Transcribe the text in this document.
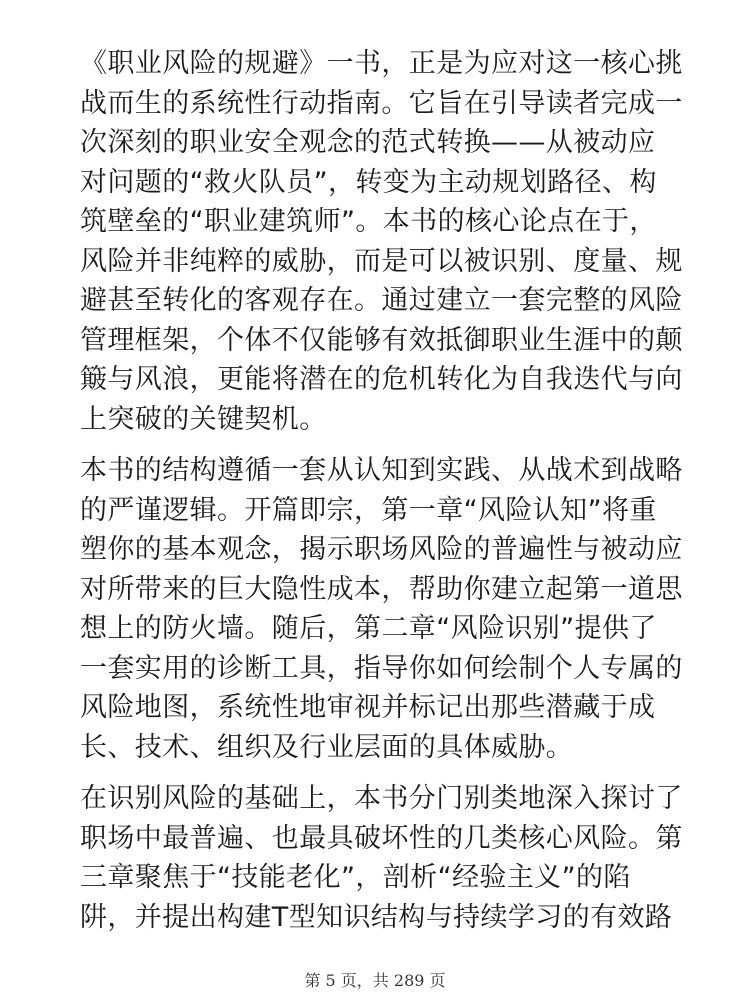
《职业风险的规避》一书，正是为应对这一核心挑
战而生的系统性行动指南。它旨在引导读者完成一
次深刻的职业安全观念的范式转换——从被动应
对问题的“救火队员”，转变为主动规划路径、构
筑壁垒的“职业建筑师”。本书的核心论点在于，
风险并非纯粹的威胁，而是可以被识别、度量、规
避甚至转化的客观存在。通过建立一套完整的风险
管理框架，个体不仅能够有效抵御职业生涯中的颠
簸与风浪，更能将潜在的危机转化为自我迭代与向
上突破的关键契机。
本书的结构遵循一套从认知到实践、从战术到战略
的严谨逻辑。开篇即宗，第一章“风险认知”将重
塑你的基本观念，揭示职场风险的普遍性与被动应
对所带来的巨大隐性成本，帮助你建立起第一道思
想上的防火墙。随后，第二章“风险识别”提供了
一套实用的诊断工具，指导你如何绘制个人专属的
风险地图，系统性地审视并标记出那些潜藏于成
长、技术、组织及行业层面的具体威胁。
在识别风险的基础上，本书分门别类地深入探讨了
职场中最普遍、也最具破坏性的几类核心风险。第
三章聚焦于“技能老化”，剖析“经验主义”的陷
阱，并提出构建T型知识结构与持续学习的有效路
第 5 页，共 289 页
